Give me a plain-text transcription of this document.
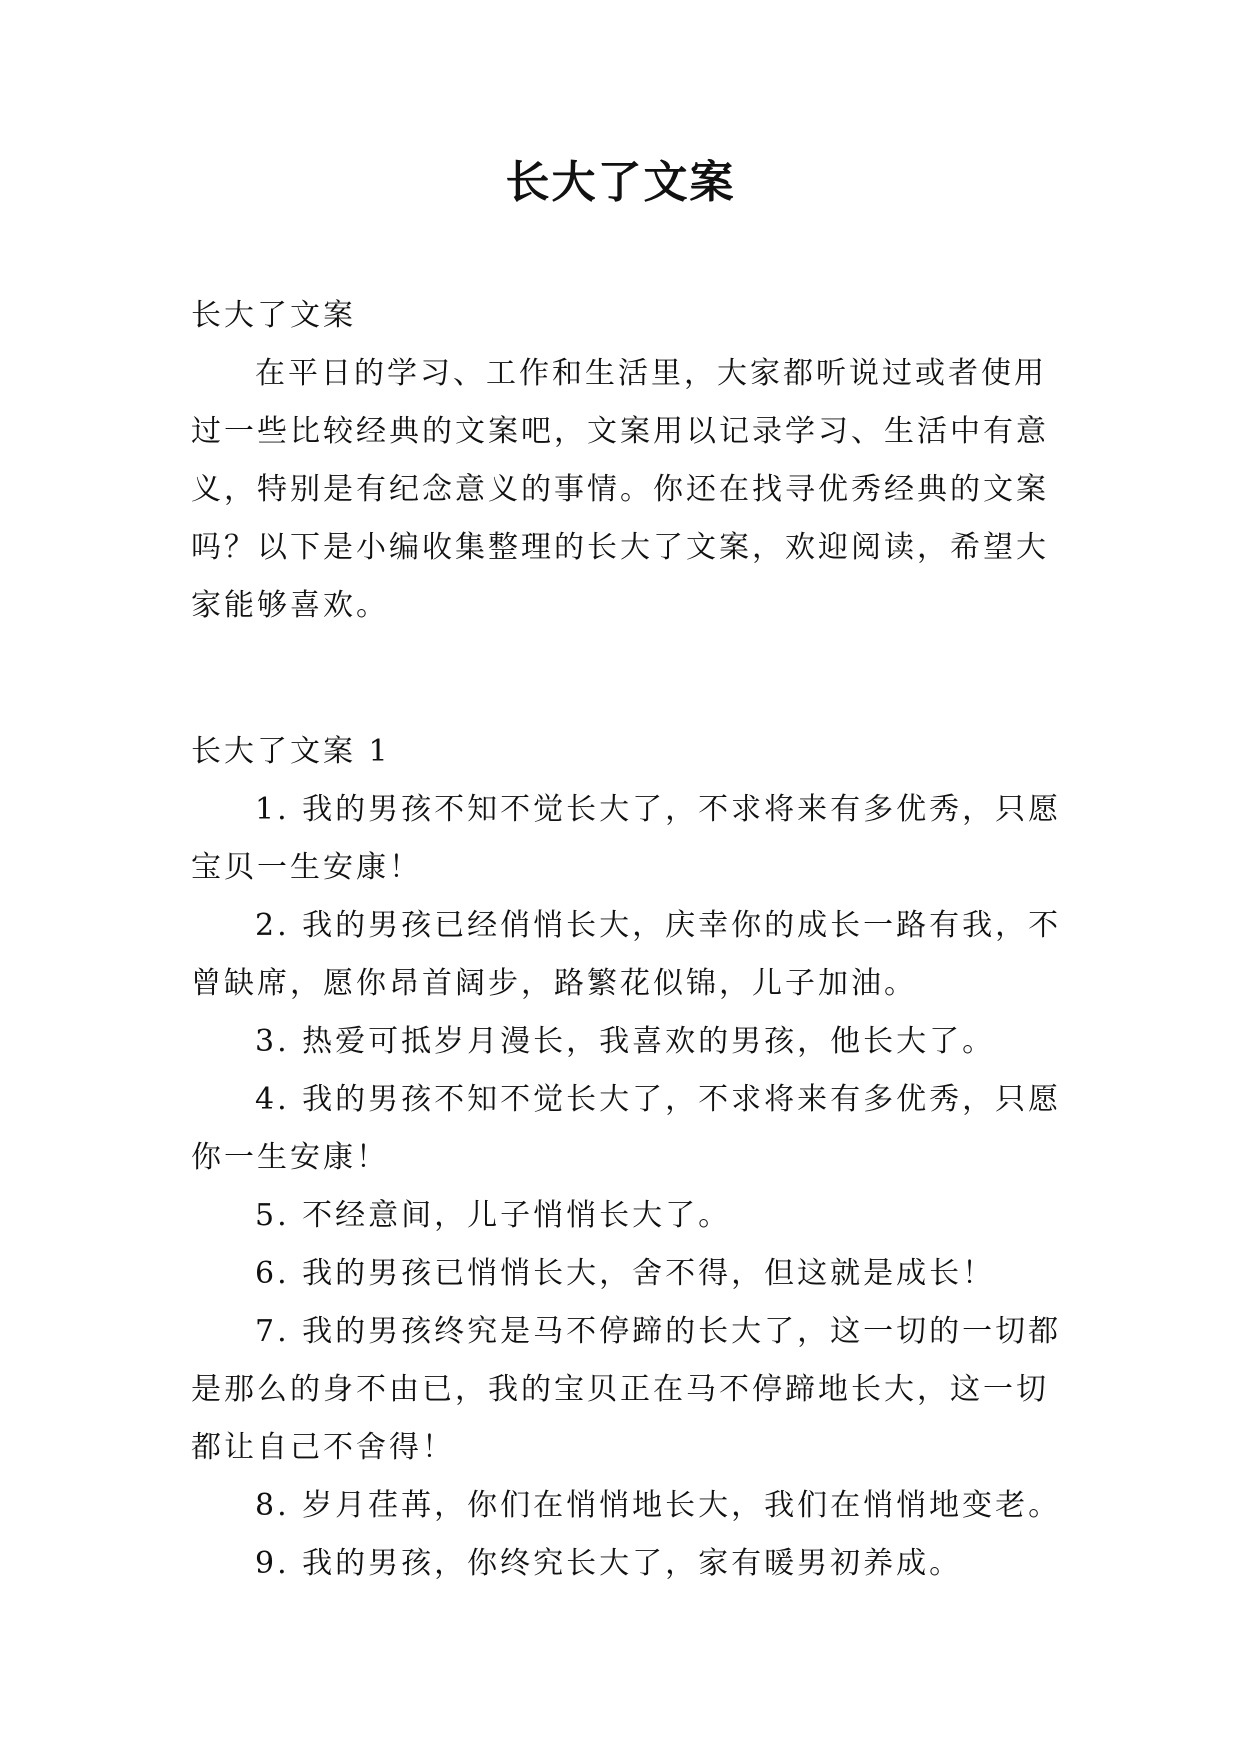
长大了文案

长大了文案

在平日的学习、工作和生活里，大家都听说过或者使用

过一些比较经典的文案吧，文案用以记录学习、生活中有意

义，特别是有纪念意义的事情。你还在找寻优秀经典的文案

吗？以下是小编收集整理的长大了文案，欢迎阅读，希望大

家能够喜欢。

长大了文案 1

1. 我的男孩不知不觉长大了，不求将来有多优秀，只愿

宝贝一生安康！

2. 我的男孩已经俏悄长大，庆幸你的成长一路有我，不

曾缺席，愿你昂首阔步，路繁花似锦，儿子加油。

3. 热爱可抵岁月漫长，我喜欢的男孩，他长大了。

4. 我的男孩不知不觉长大了，不求将来有多优秀，只愿

你一生安康！

5. 不经意间，儿子悄悄长大了。

6. 我的男孩已悄悄长大，舍不得，但这就是成长！

7. 我的男孩终究是马不停蹄的长大了，这一切的一切都

是那么的身不由已，我的宝贝正在马不停蹄地长大，这一切

都让自己不舍得！

8. 岁月荏苒，你们在悄悄地长大，我们在悄悄地变老。

9. 我的男孩，你终究长大了，家有暖男初养成。
